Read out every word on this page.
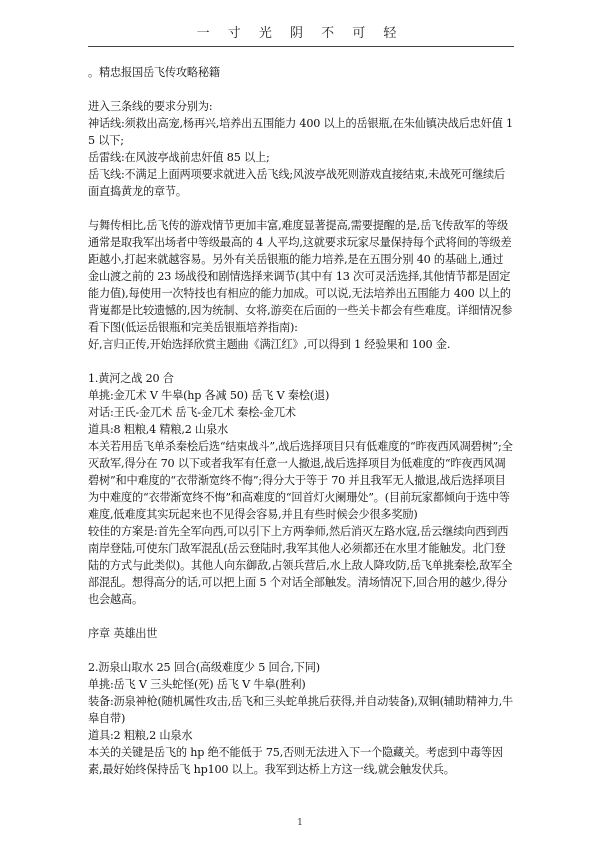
一 寸 光 阴 不 可 轻

。精忠报国岳飞传攻略秘籍

进入三条线的要求分别为:

神话线:须救出高宠,杨再兴,培养出五围能力 400 以上的岳银瓶,在朱仙镇决战后忠奸值 15 以下;

岳雷线:在风波亭战前忠奸值 85 以上;

岳飞线:不满足上面两项要求就进入岳飞线;风波亭战死则游戏直接结束,未战死可继续后面直捣黄龙的章节。

与舞传相比,岳飞传的游戏情节更加丰富,难度显著提高,需要提醒的是,岳飞传敌军的等级通常是取我军出场者中等级最高的 4 人平均,这就要求玩家尽量保持每个武将间的等级差距越小,打起来就越容易。另外有关岳银瓶的能力培养,是在五围分别 40 的基础上,通过金山渡之前的 23 场战役和剧情选择来调节(其中有 13 次可灵活选择,其他情节都是固定能力值),每使用一次特技也有相应的能力加成。可以说,无法培养出五围能力 400 以上的背嵬都是比较遗憾的,因为统制、女将,游奕在后面的一些关卡都会有些难度。详细情况参看下图(低运岳银瓶和完美岳银瓶培养指南):

好,言归正传,开始选择欣赏主题曲《满江红》,可以得到 1 经验果和 100 金.

1.黄河之战 20 合

单挑:金兀术 V 牛皋(hp 各减 50) 岳飞 V 秦桧(退)

对话:王氏-金兀术 岳飞-金兀术 秦桧-金兀术

道具:8 粗粮,4 精粮,2 山泉水

本关若用岳飞单杀秦桧后选“结束战斗”,战后选择项目只有低难度的“昨夜西风凋碧树”;全灭敌军,得分在 70 以下或者我军有任意一人撤退,战后选择项目为低难度的“昨夜西风凋碧树”和中难度的“衣带渐宽终不悔”;得分大于等于 70 并且我军无人撤退,战后选择项目为中难度的“衣带渐宽终不悔”和高难度的“回首灯火阑珊处”。(目前玩家都倾向于选中等难度,低难度其实玩起来也不见得会容易,并且有些时候会少很多奖励)

较佳的方案是:首先全军向西,可以引下上方两拳师,然后消灭左路水寇,岳云继续向西到西南岸登陆,可使东门敌军混乱(岳云登陆时,我军其他人必须都还在水里才能触发。北门登陆的方式与此类似)。其他人向东御敌,占领兵营后,水上敌人降攻防,岳飞单挑秦桧,敌军全部混乱。想得高分的话,可以把上面 5 个对话全部触发。清场情况下,回合用的越少,得分也会越高。

序章 英雄出世

2.沥泉山取水 25 回合(高级难度少 5 回合,下同)

单挑:岳飞 V 三头蛇怪(死) 岳飞 V 牛皋(胜利)

装备:沥泉神枪(随机属性攻击,岳飞和三头蛇单挑后获得,并自动装备),双铜(辅助精神力,牛皋自带)

道具:2 粗粮,2 山泉水

本关的关键是岳飞的 hp 绝不能低于 75,否则无法进入下一个隐藏关。考虑到中毒等因素,最好始终保持岳飞 hp100 以上。我军到达桥上方这一线,就会触发伏兵。

1
